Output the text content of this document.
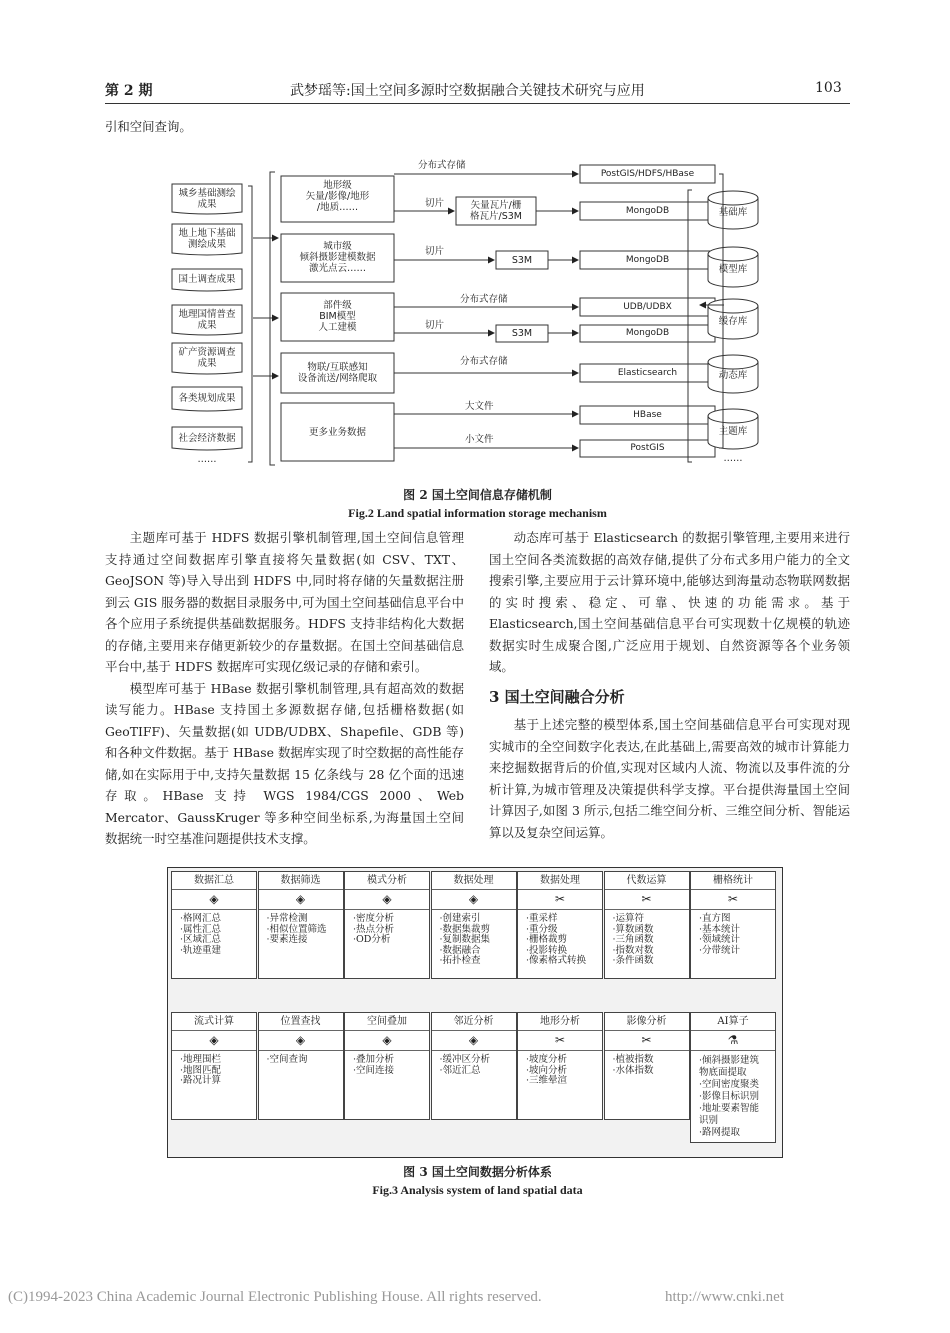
第 2 期	武梦瑶等:国土空间多源时空数据融合关键技术研究与应用	103
引和空间查询。
城乡基础测绘成果
地上地下基础测绘成果
国土调查成果
地理国情普查成果
矿产资源调查成果
各类规划成果
社会经济数据
……
地形级
矢量/影像/地形
/地质……
城市级
倾斜摄影建模数据
激光点云……
部件级
BIM模型
人工建模
物联/互联感知
设备流送/网络爬取
更多业务数据
分布式存储
切片
切片
分布式存储
切片
分布式存储
大文件
小文件
矢量瓦片/栅
格瓦片/S3M
S3M
S3M
PostGIS/HDFS/HBase
MongoDB
MongoDB
UDB/UDBX
MongoDB
Elasticsearch
HBase
PostGIS
基础库
模型库
缓存库
动态库
主题库
……
图 2 国土空间信息存储机制
Fig.2 Land spatial information storage mechanism

主题库可基于 HDFS 数据引擎机制管理,国土空间信息管理支持通过空间数据库引擎直接将矢量数据(如 CSV、TXT、GeoJSON 等)导入导出到 HDFS 中,同时将存储的矢量数据注册到云 GIS 服务器的数据目录服务中,可为国土空间基础信息平台中各个应用子系统提供基础数据服务。HDFS 支持非结构化大数据的存储,主要用来存储更新较少的存量数据。在国土空间基础信息平台中,基于 HDFS 数据库可实现亿级记录的存储和索引。

模型库可基于 HBase 数据引擎机制管理,具有超高效的数据读写能力。HBase 支持国土多源数据存储,包括栅格数据(如 GeoTIFF)、矢量数据(如 UDB/UDBX、Shapefile、GDB 等)和各种文件数据。基于 HBase 数据库实现了时空数据的高性能存储,如在实际用于中,支持矢量数据 15 亿条线与 28 亿个面的迅速存取。HBase 支持 WGS 1984/CGS 2000、Web Mercator、GaussKruger 等多种空间坐标系,为海量国土空间数据统一时空基准问题提供技术支撑。

动态库可基于 Elasticsearch 的数据引擎管理,主要用来进行国土空间各类流数据的高效存储,提供了分布式多用户能力的全文搜索引擎,主要应用于云计算环境中,能够达到海量动态物联网数据的实时搜索、稳定、可靠、快速的功能需求。基于 Elasticsearch,国土空间基础信息平台可实现数十亿规模的轨迹数据实时生成聚合图,广泛应用于规划、自然资源等各个业务领域。

3 国土空间融合分析

基于上述完整的模型体系,国土空间基础信息平台可实现对现实城市的全空间数字化表达,在此基础上,需要高效的城市计算能力来挖掘数据背后的价值,实现对区域内人流、物流以及事件流的分析计算,为城市管理及决策提供科学支撑。平台提供海量国土空间计算因子,如图 3 所示,包括二维空间分析、三维空间分析、智能运算以及复杂空间运算。

数据汇总
◈
·格网汇总
·属性汇总
·区域汇总
·轨迹重建
数据筛选
◈
·异常检测
·相似位置筛选
·要素连接
模式分析
◈
·密度分析
·热点分析
·OD分析
数据处理
◈
·创建索引
·数据集裁剪
·复制数据集
·数据融合
·拓扑检查
数据处理
✂
·重采样
·重分级
·栅格裁剪
·投影转换
·像素格式转换
代数运算
✂
·运算符
·算数函数
·三角函数
·指数对数
·条件函数
栅格统计
✂
·直方图
·基本统计
·领域统计
·分带统计
流式计算
◈
·地理围栏
·地图匹配
·路况计算
位置查找
◈
·空间查询
空间叠加
◈
·叠加分析
·空间连接
邻近分析
◈
·缓冲区分析
·邻近汇总
地形分析
✂
·坡度分析
·坡向分析
·三维晕渲
影像分析
✂
·植被指数
·水体指数
AI算子
⚗
·倾斜摄影建筑
物底面提取
·空间密度聚类
·影像目标识别
·地址要素智能
识别
·路网提取
图 3 国土空间数据分析体系
Fig.3 Analysis system of land spatial data
(C)1994-2023 China Academic Journal Electronic Publishing House. All rights reserved.	http://www.cnki.net
